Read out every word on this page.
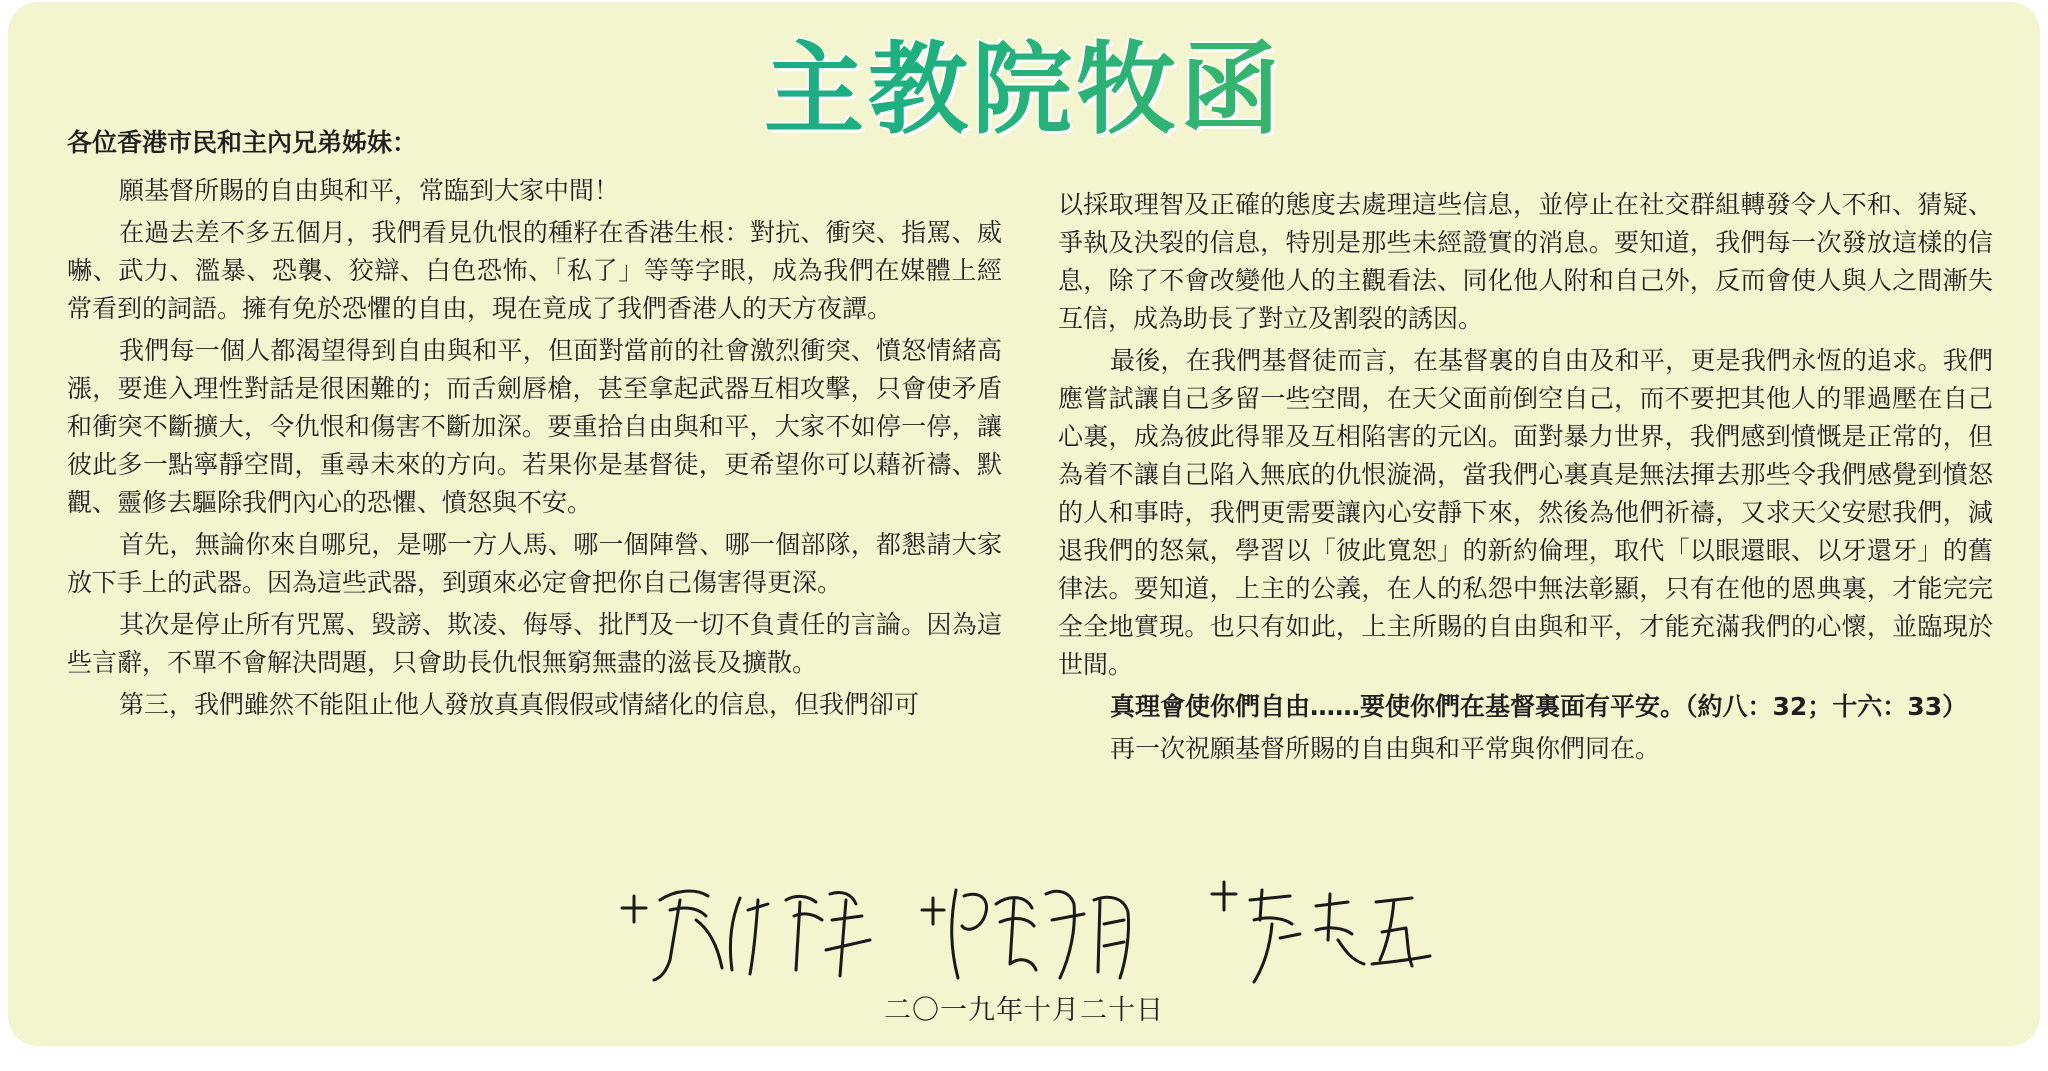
主教院牧函

各位香港市民和主內兄弟姊妹：

願基督所賜的自由與和平，常臨到大家中間！

在過去差不多五個月，我們看見仇恨的種籽在香港生根：對抗、衝突、指罵、威嚇、武力、濫暴、恐襲、狡辯、白色恐怖、「私了」等等字眼，成為我們在媒體上經常看到的詞語。擁有免於恐懼的自由，現在竟成了我們香港人的天方夜譚。

我們每一個人都渴望得到自由與和平，但面對當前的社會激烈衝突、憤怒情緒高漲，要進入理性對話是很困難的；而舌劍唇槍，甚至拿起武器互相攻擊，只會使矛盾和衝突不斷擴大，令仇恨和傷害不斷加深。要重拾自由與和平，大家不如停一停，讓彼此多一點寧靜空間，重尋未來的方向。若果你是基督徒，更希望你可以藉祈禱、默觀、靈修去驅除我們內心的恐懼、憤怒與不安。

首先，無論你來自哪兒，是哪一方人馬、哪一個陣營、哪一個部隊，都懇請大家放下手上的武器。因為這些武器，到頭來必定會把你自己傷害得更深。

其次是停止所有咒罵、毀謗、欺凌、侮辱、批鬥及一切不負責任的言論。因為這些言辭，不單不會解決問題，只會助長仇恨無窮無盡的滋長及擴散。

第三，我們雖然不能阻止他人發放真真假假或情緒化的信息，但我們卻可

以採取理智及正確的態度去處理這些信息，並停止在社交群組轉發令人不和、猜疑、爭執及決裂的信息，特別是那些未經證實的消息。要知道，我們每一次發放這樣的信息，除了不會改變他人的主觀看法、同化他人附和自己外，反而會使人與人之間漸失互信，成為助長了對立及割裂的誘因。

最後，在我們基督徒而言，在基督裏的自由及和平，更是我們永恆的追求。我們應嘗試讓自己多留一些空間，在天父面前倒空自己，而不要把其他人的罪過壓在自己心裏，成為彼此得罪及互相陷害的元凶。面對暴力世界，我們感到憤慨是正常的，但為着不讓自己陷入無底的仇恨漩渦，當我們心裏真是無法揮去那些令我們感覺到憤怒的人和事時，我們更需要讓內心安靜下來，然後為他們祈禱，又求天父安慰我們，減退我們的怒氣，學習以「彼此寬恕」的新約倫理，取代「以眼還眼、以牙還牙」的舊律法。要知道，上主的公義，在人的私怨中無法彰顯，只有在他的恩典裏，才能完完全全地實現。也只有如此，上主所賜的自由與和平，才能充滿我們的心懷，並臨現於世間。

真理會使你們自由……要使你們在基督裏面有平安。（約八：32；十六：33）

再一次祝願基督所賜的自由與和平常與你們同在。

二〇一九年十月二十日
